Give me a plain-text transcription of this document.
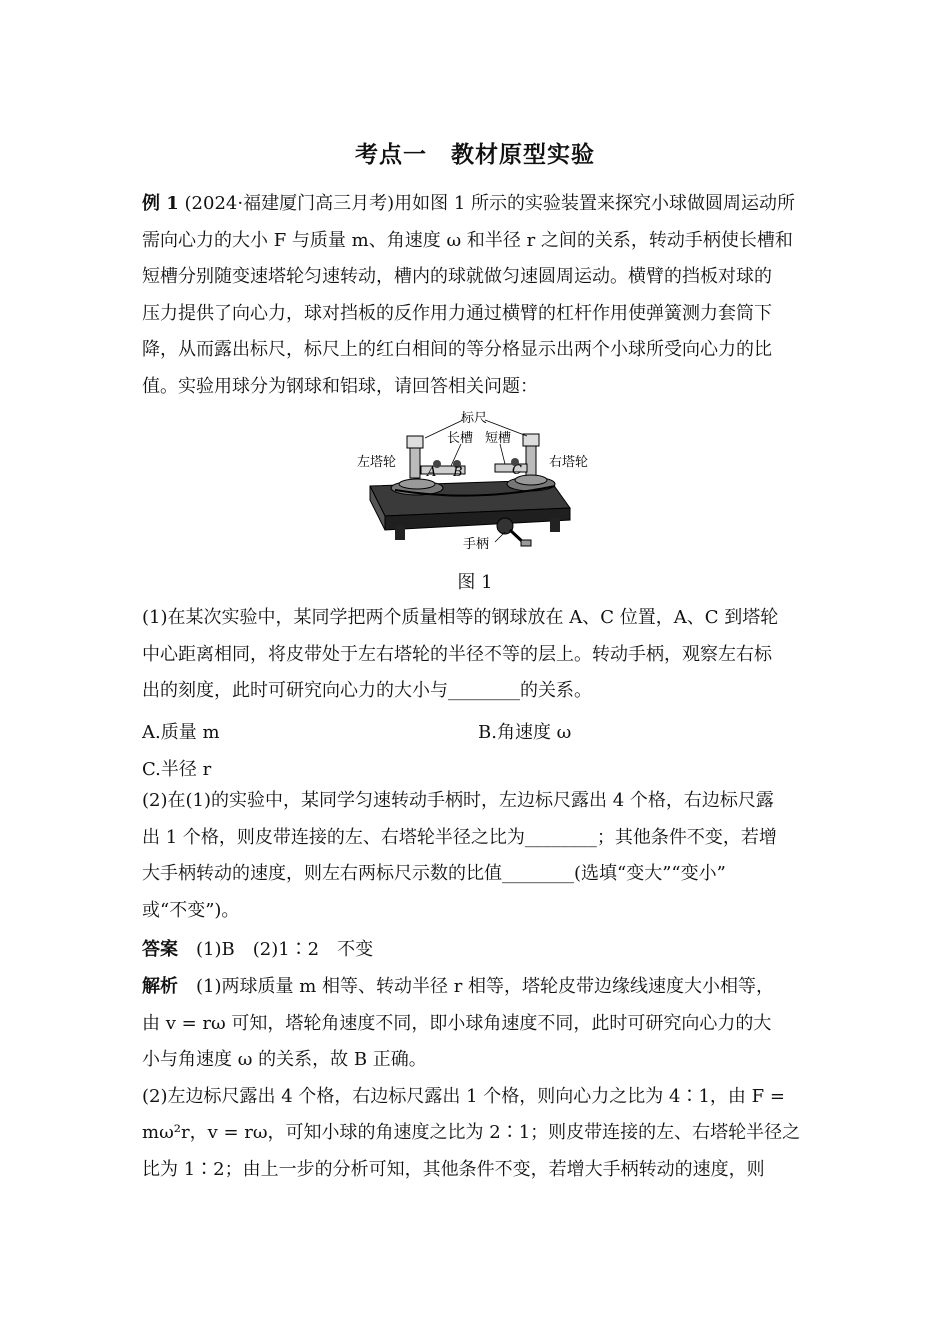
考点一　教材原型实验
例 1 (2024·福建厦门高三月考)用如图 1 所示的实验装置来探究小球做圆周运动所
需向心力的大小 F 与质量 m、角速度 ω 和半径 r 之间的关系，转动手柄使长槽和
短槽分别随变速塔轮匀速转动，槽内的球就做匀速圆周运动。横臂的挡板对球的
压力提供了向心力，球对挡板的反作用力通过横臂的杠杆作用使弹簧测力套筒下
降，从而露出标尺，标尺上的红白相间的等分格显示出两个小球所受向心力的比
值。实验用球分为钢球和铝球，请回答相关问题：
标尺
长槽 短槽
左塔轮	右塔轮
A B	C
手柄
图 1
(1)在某次实验中，某同学把两个质量相等的钢球放在 A、C 位置，A、C 到塔轮
中心距离相同，将皮带处于左右塔轮的半径不等的层上。转动手柄，观察左右标
出的刻度，此时可研究向心力的大小与________的关系。
A.质量 m	B.角速度 ω
C.半径 r
(2)在(1)的实验中，某同学匀速转动手柄时，左边标尺露出 4 个格，右边标尺露
出 1 个格，则皮带连接的左、右塔轮半径之比为________；其他条件不变，若增
大手柄转动的速度，则左右两标尺示数的比值________(选填“变大”“变小”
或“不变”)。
答案　 (1)B　(2)1∶2　不变
解析　 (1)两球质量 m 相等、转动半径 r 相等，塔轮皮带边缘线速度大小相等，
由 v = rω 可知，塔轮角速度不同，即小球角速度不同，此时可研究向心力的大
小与角速度 ω 的关系，故 B 正确。
(2)左边标尺露出 4 个格，右边标尺露出 1 个格，则向心力之比为 4∶1，由 F =
mω²r，v = rω，可知小球的角速度之比为 2∶1；则皮带连接的左、右塔轮半径之
比为 1∶2；由上一步的分析可知，其他条件不变，若增大手柄转动的速度，则
